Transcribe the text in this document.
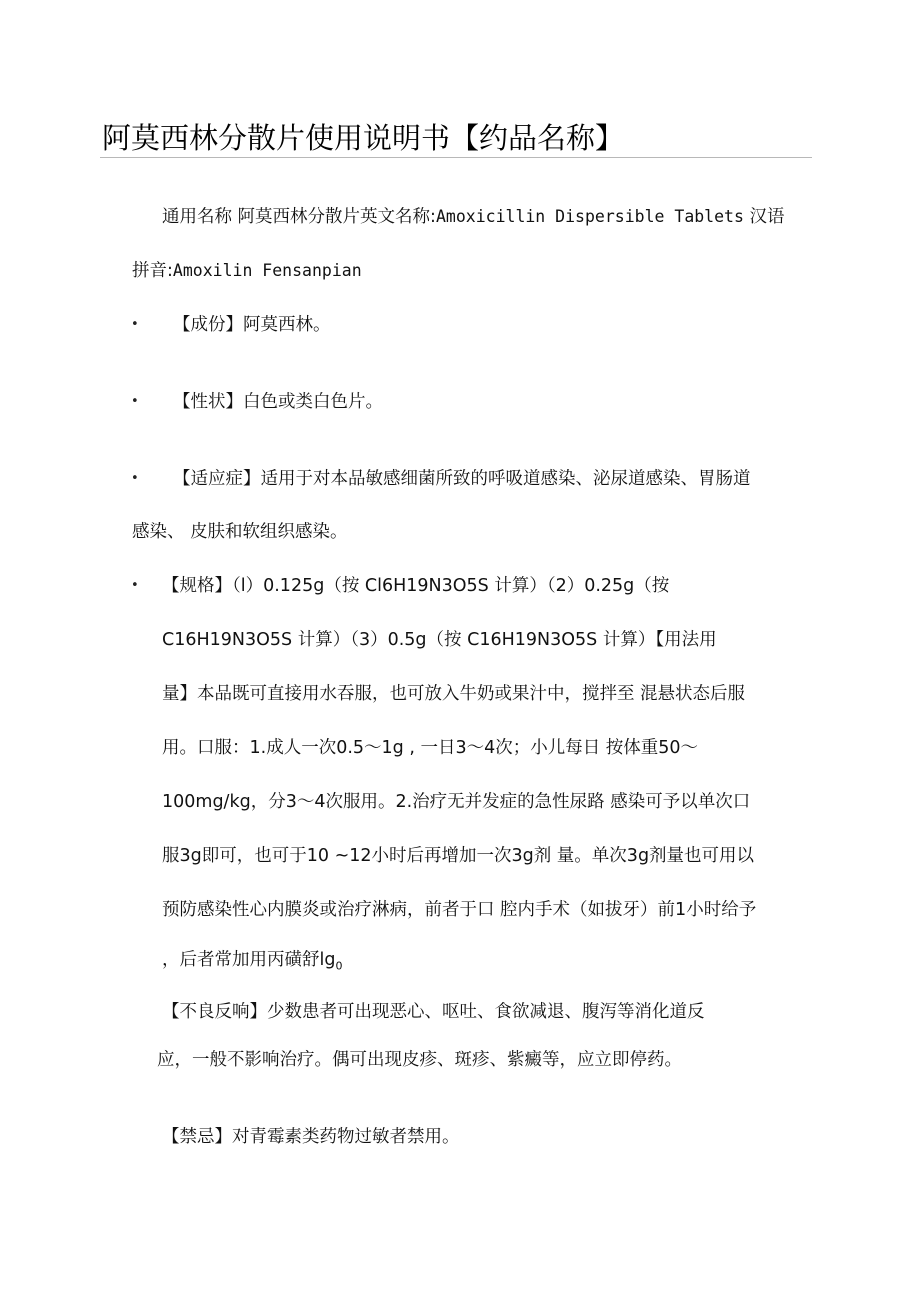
阿莫西林分散片使用说明书【约品名称】
通用名称 阿莫西林分散片英文名称:Amoxicillin Dispersible Tablets 汉语
拼音:Amoxilin Fensanpian
• 【成份】阿莫西林。
• 【性状】白色或类白色片。
• 【适应症】适用于对本品敏感细菌所致的呼吸道感染、泌尿道感染、胃肠道
感染、 皮肤和软组织感染。
• 【规格】（l）0.125g（按 Cl6H19N3O5S 计算）（2）0.25g（按
C16H19N3O5S 计算）（3）0.5g（按 C16H19N3O5S 计算）【用法用
量】本品既可直接用水吞服，也可放入牛奶或果汁中，搅拌至 混悬状态后服
用。口服：1.成人一次0.5〜1g , 一日3〜4次；小儿每日 按体重50〜
100mg/kg，分3〜4次服用。2.治疗无并发症的急性尿路 感染可予以单次口
服3g即可，也可于10 ~12小时后再增加一次3g剂 量。单次3g剂量也可用以
预防感染性心内膜炎或治疗淋病，前者于口 腔内手术（如拔牙）前1小时给予
，后者常加用丙磺舒$\lg_0$
【不良反响】少数患者可出现恶心、呕吐、食欲减退、腹泻等消化道反
应，一般不影响治疗。偶可出现皮疹、斑疹、紫癜等，应立即停药。
【禁忌】对青霉素类药物过敏者禁用。
